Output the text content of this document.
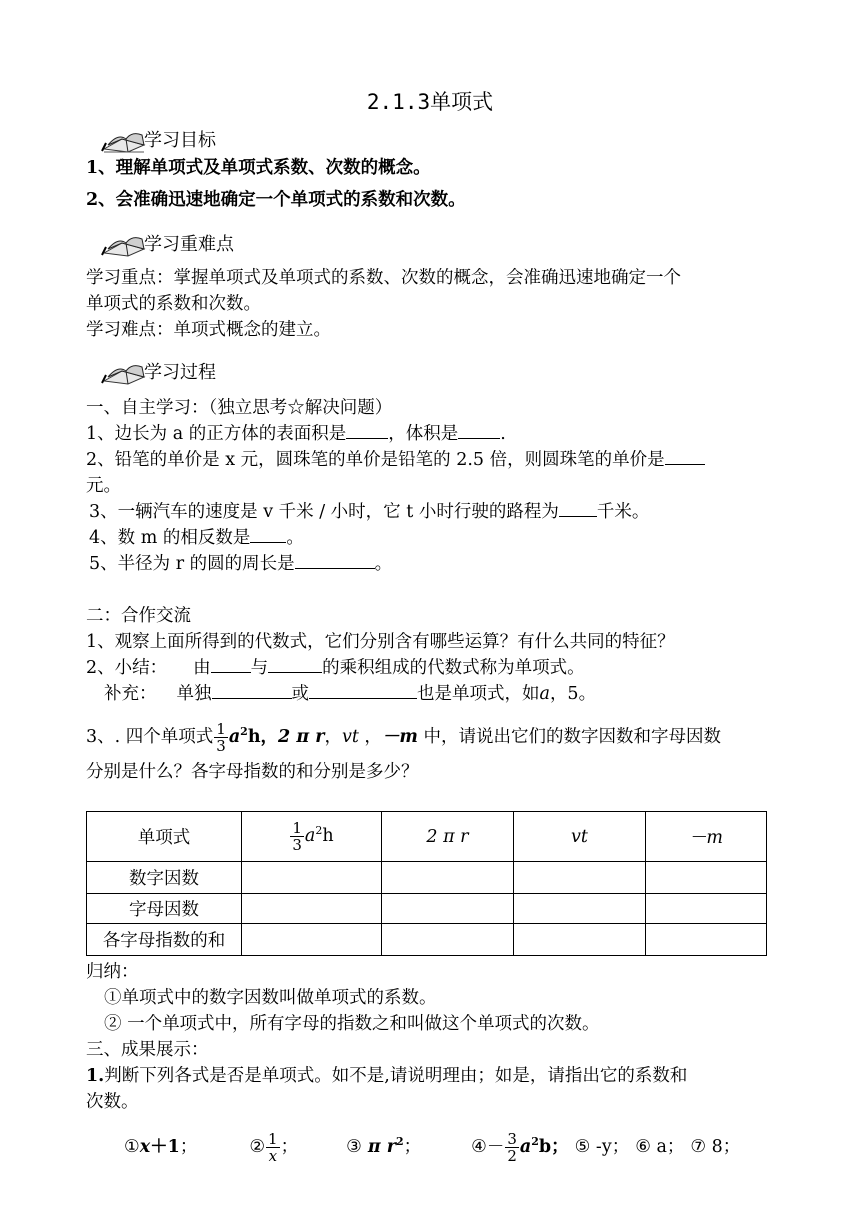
2.1.3单项式
学习目标
1、理解单项式及单项式系数、次数的概念。
2、会准确迅速地确定一个单项式的系数和次数。
学习重难点
学习重点：掌握单项式及单项式的系数、次数的概念，会准确迅速地确定一个
单项式的系数和次数。
学习难点：单项式概念的建立。
学习过程
一、自主学习：（独立思考☆解决问题）
1、边长为 a 的正方体的表面积是 ，体积是 .
2、铅笔的单价是 x 元，圆珠笔的单价是铅笔的 2.5 倍，则圆珠笔的单价是
元。
3、一辆汽车的速度是 v 千米 / 小时，它 t 小时行驶的路程为 千米。
4、数 m 的相反数是 。
5、半径为 r 的圆的周长是	。
二：合作交流
1、观察上面所得到的代数式，它们分别含有哪些运算？有什么共同的特征？
2、小结： 由 与	的乘积组成的代数式称为单项式。
补充： 单独	或	也是单项式，如a，5。
3、. 四个单项式 $\frac{1}{3} a^2h$，2 π r，vt ，－m 中，请说出它们的数字因数和字母因数
分别是什么？各字母指数的和分别是多少？
单项式	$\frac{1}{3} a^2h$	2 π r	vt	－m
数字因数				
字母因数				
各字母指数的和				
归纳：
①单项式中的数字因数叫做单项式的系数。
② 一个单项式中，所有字母的指数之和叫做这个单项式的次数。
三、成果展示：
1.判断下列各式是否是单项式。如不是,请说明理由；如是，请指出它的系数和
次数。
①x＋1；	② $\frac{1}{x}$ ；	③ π $r^2$；	④－ $\frac{3}{2} a^2b$； ⑤ -y； ⑥ a； ⑦ 8；
